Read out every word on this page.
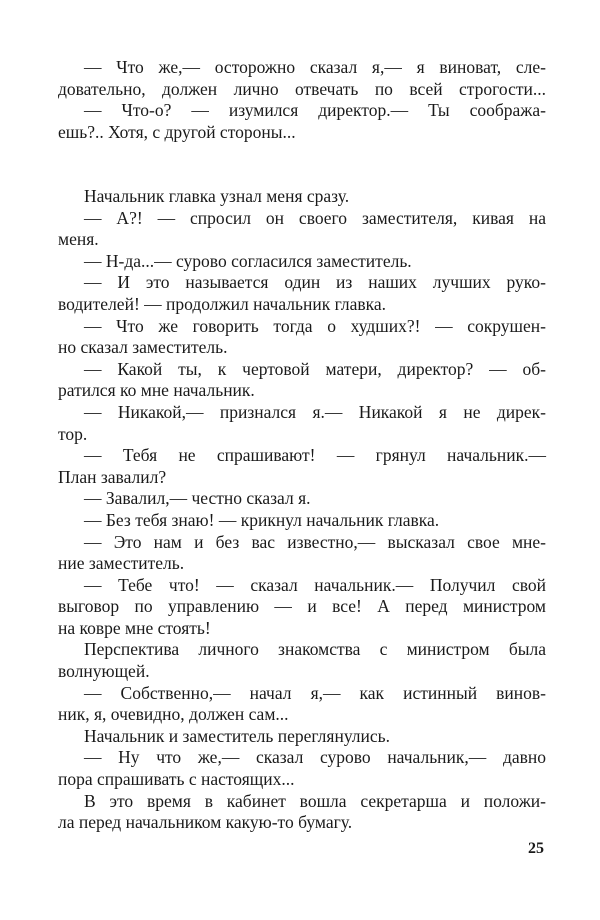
— Что же,— осторожно сказал я,— я виноват, сле-
довательно, должен лично отвечать по всей строгости...
— Что-о? — изумился директор.— Ты соображa-
ешь?.. Хотя, с другой стороны...
Начальник главка узнал меня сразу.
— А?! — спросил он своего заместителя, кивая на
меня.
— Н-да...— сурово согласился заместитель.
— И это называется один из наших лучших руко-
водителей! — продолжил начальник главка.
— Что же говорить тогда о худших?! — сокрушен-
но сказал заместитель.
— Какой ты, к чертовой матери, директор? — об-
ратился ко мне начальник.
— Никакой,— признался я.— Никакой я не дирек-
тор.
— Тебя не спрашивают! — грянул начальник.—
План завалил?
— Завалил,— честно сказал я.
— Без тебя знаю! — крикнул начальник главка.
— Это нам и без вас известно,— высказал свое мне-
ние заместитель.
— Тебе что! — сказал начальник.— Получил свой
выговор по управлению — и все! А перед министром
на ковре мне стоять!
Перспектива личного знакомства с министром была
волнующей.
— Собственно,— начал я,— как истинный винов-
ник, я, очевидно, должен сам...
Начальник и заместитель переглянулись.
— Ну что же,— сказал сурово начальник,— давно
пора спрашивать с настоящих...
В это время в кабинет вошла секретарша и положи-
ла перед начальником какую-то бумагу.
25
